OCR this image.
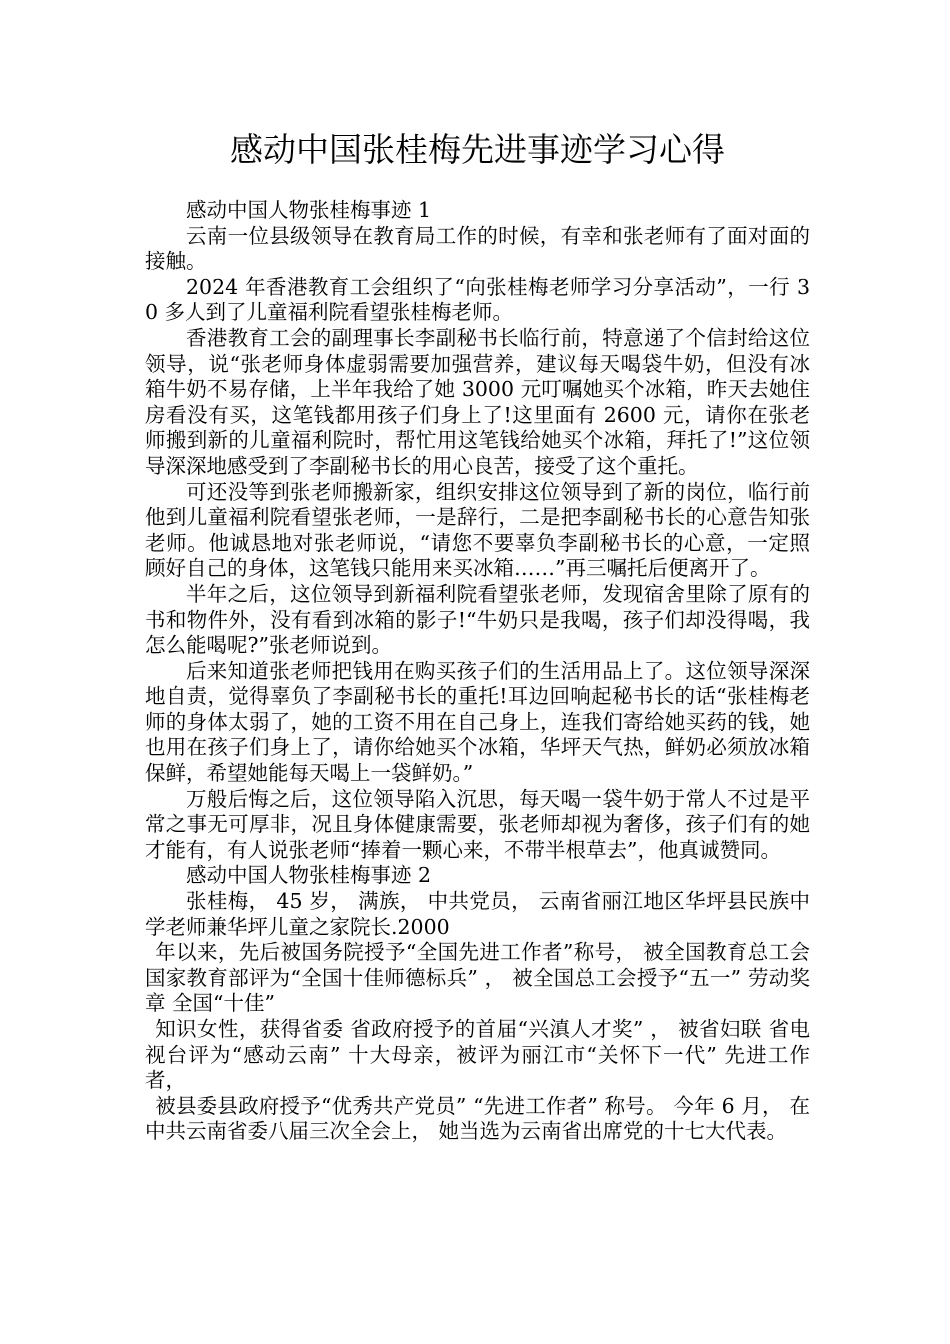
感动中国张桂梅先进事迹学习心得

感动中国人物张桂梅事迹 1

云南一位县级领导在教育局工作的时候，有幸和张老师有了面对面的接触。

2024 年香港教育工会组织了“向张桂梅老师学习分享活动”，一行 30 多人到了儿童福利院看望张桂梅老师。

香港教育工会的副理事长李副秘书长临行前，特意递了个信封给这位领导，说“张老师身体虚弱需要加强营养，建议每天喝袋牛奶，但没有冰箱牛奶不易存储，上半年我给了她 3000 元叮嘱她买个冰箱，昨天去她住房看没有买，这笔钱都用孩子们身上了!这里面有 2600 元，请你在张老师搬到新的儿童福利院时，帮忙用这笔钱给她买个冰箱，拜托了!”这位领导深深地感受到了李副秘书长的用心良苦，接受了这个重托。

可还没等到张老师搬新家，组织安排这位领导到了新的岗位，临行前他到儿童福利院看望张老师，一是辞行，二是把李副秘书长的心意告知张老师。他诚恳地对张老师说，“请您不要辜负李副秘书长的心意，一定照顾好自己的身体，这笔钱只能用来买冰箱……”再三嘱托后便离开了。

半年之后，这位领导到新福利院看望张老师，发现宿舍里除了原有的书和物件外，没有看到冰箱的影子!“牛奶只是我喝，孩子们却没得喝，我怎么能喝呢?”张老师说到。

后来知道张老师把钱用在购买孩子们的生活用品上了。这位领导深深地自责，觉得辜负了李副秘书长的重托!耳边回响起秘书长的话“张桂梅老师的身体太弱了，她的工资不用在自己身上，连我们寄给她买药的钱，她也用在孩子们身上了，请你给她买个冰箱，华坪天气热，鲜奶必须放冰箱保鲜，希望她能每天喝上一袋鲜奶。”

万般后悔之后，这位领导陷入沉思，每天喝一袋牛奶于常人不过是平常之事无可厚非，况且身体健康需要，张老师却视为奢侈，孩子们有的她才能有，有人说张老师“捧着一颗心来，不带半根草去”，他真诚赞同。

感动中国人物张桂梅事迹 2

张桂梅， 45 岁， 满族， 中共党员， 云南省丽江地区华坪县民族中学老师兼华坪儿童之家院长.2000

年以来，先后被国务院授予“全国先进工作者”称号， 被全国教育总工会 国家教育部评为“全国十佳师德标兵” ， 被全国总工会授予“五一” 劳动奖章 全国“十佳”

知识女性，获得省委 省政府授予的首届“兴滇人才奖” ， 被省妇联 省电视台评为“感动云南” 十大母亲，被评为丽江市“关怀下一代” 先进工作者，

被县委县政府授予“优秀共产党员” “先进工作者” 称号。 今年 6 月， 在中共云南省委八届三次全会上， 她当选为云南省出席党的十七大代表。
